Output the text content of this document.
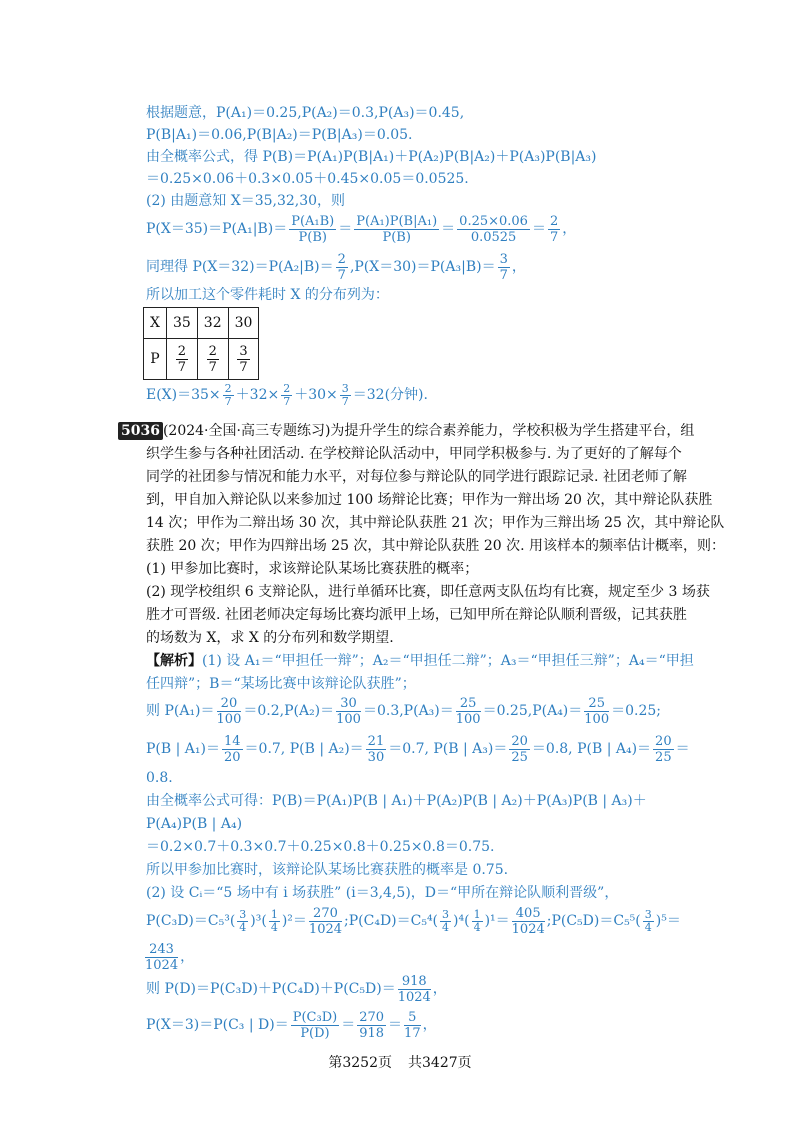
根据题意，P(A₁)＝0.25,P(A₂)＝0.3,P(A₃)＝0.45,
P(B|A₁)＝0.06,P(B|A₂)＝P(B|A₃)＝0.05.
由全概率公式，得 P(B)＝P(A₁)P(B|A₁)＋P(A₂)P(B|A₂)＋P(A₃)P(B|A₃)
＝0.25×0.06＋0.3×0.05＋0.45×0.05＝0.0525.
(2) 由题意知 X＝35,32,30，则
$P(X=35)=P(A_1|B)= \frac{\text{P(A₁B)}}{P(B)} = \frac{\text{P(A₁)P(B|A₁)}}{P(B)} = \frac{0.25\times 0.06}{0.0525} = \frac{2}{7}$ ，
同理得 $P(X=32)=P(A_2|B)= \frac{2}{7} ,P(X=30)=P(A_3|B)= \frac{3}{7}$ ，
所以加工这个零件耗时 X 的分布列为：
X	35	32	30
P	$\frac{2}{7}$	$\frac{2}{7}$	$\frac{3}{7}$
$E(X)=35\times \frac{2}{7} +32\times \frac{2}{7} +30\times \frac{3}{7} =32$(分钟).
5036 (2024·全国·高三专题练习)为提升学生的综合素养能力，学校积极为学生搭建平台，组
织学生参与各种社团活动. 在学校辩论队活动中，甲同学积极参与. 为了更好的了解每个
同学的社团参与情况和能力水平，对每位参与辩论队的同学进行跟踪记录. 社团老师了解
到，甲自加入辩论队以来参加过 100 场辩论比赛；甲作为一辩出场 20 次，其中辩论队获胜
14 次；甲作为二辩出场 30 次，其中辩论队获胜 21 次；甲作为三辩出场 25 次，其中辩论队
获胜 20 次；甲作为四辩出场 25 次，其中辩论队获胜 20 次. 用该样本的频率估计概率，则：
(1) 甲参加比赛时，求该辩论队某场比赛获胜的概率；
(2) 现学校组织 6 支辩论队，进行单循环比赛，即任意两支队伍均有比赛，规定至少 3 场获
胜才可晋级. 社团老师决定每场比赛均派甲上场，已知甲所在辩论队顺利晋级，记其获胜
的场数为 X，求 X 的分布列和数学期望.
【解析】(1) 设 A₁＝“甲担任一辩”；A₂＝“甲担任二辩”；A₃＝“甲担任三辩”；A₄＝“甲担
任四辩”；B＝“某场比赛中该辩论队获胜”；
则 $P(A_1)= \frac{20}{100} =0.2,P(A_2)= \frac{30}{100} =0.3,P(A_3)= \frac{25}{100} =0.25,P(A_4)= \frac{25}{100} =0.25$;
P(B | $A_1)= \frac{14}{20} =0.7$, P(B | $A_2)= \frac{21}{30} =0.7$, P(B | $A_3)= \frac{20}{25} =0.8$, P(B | $A_4)= \frac{20}{25}$ ＝
0.8.
由全概率公式可得：P(B)＝P(A₁)P(B | A₁)＋P(A₂)P(B | A₂)＋P(A₃)P(B | A₃)＋
P(A₄)P(B | A₄)
＝0.2×0.7＋0.3×0.7＋0.25×0.8＋0.25×0.8＝0.75.
所以甲参加比赛时，该辩论队某场比赛获胜的概率是 0.75.
(2) 设 Cᵢ＝“5 场中有 i 场获胜” (i＝3,4,5)，D＝“甲所在辩论队顺利晋级”，
$P(C_3D)=C_5^3( \frac{3}{4} )^3( \frac{1}{4} )^2= \frac{270}{1024}$ ;P(C₄D)＝C₅⁴( $\frac{3}{4} )^4( \frac{1}{4} )^1= \frac{405}{1024}$ ;P(C₅D)＝C₅⁵( $\frac{3}{4} )^5=$
$\frac{243}{1024}$ ，
则 $P(D)=P(C_3D)+P(C_4D)+P(C_5D)= \frac{918}{1024}$ ，
P(X＝3)＝P(C₃ | $D)= \frac{\text{P(C₃D)}}{P(D)} = \frac{270}{918} = \frac{5}{17}$ ，
第3252页 共3427页
